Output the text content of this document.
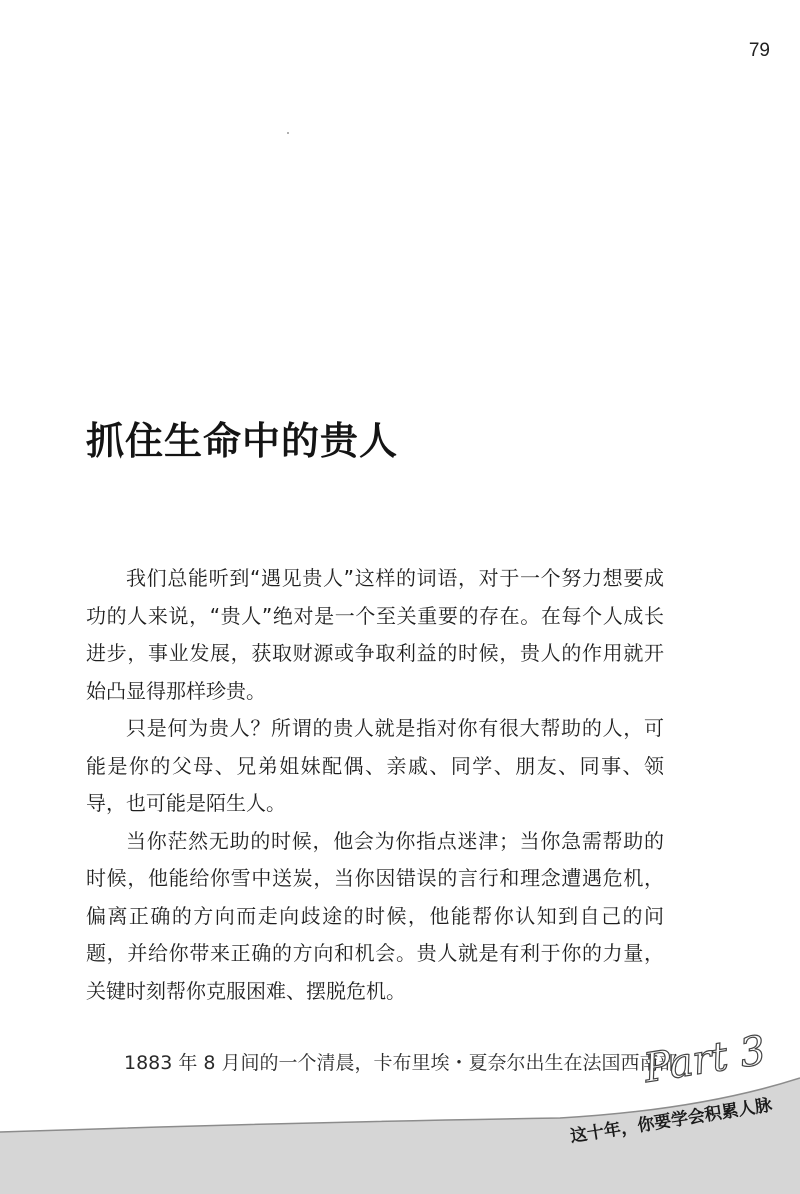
79
抓住生命中的贵人

我们总能听到“遇见贵人”这样的词语，对于一个努力想要成功的人来说，“贵人”绝对是一个至关重要的存在。在每个人成长进步，事业发展，获取财源或争取利益的时候，贵人的作用就开始凸显得那样珍贵。

只是何为贵人？所谓的贵人就是指对你有很大帮助的人，可能是你的父母、兄弟姐妹配偶、亲戚、同学、朋友、同事、领导，也可能是陌生人。

当你茫然无助的时候，他会为你指点迷津；当你急需帮助的时候，他能给你雪中送炭，当你因错误的言行和理念遭遇危机，偏离正确的方向而走向歧途的时候，他能帮你认知到自己的问题，并给你带来正确的方向和机会。贵人就是有利于你的力量，关键时刻帮你克服困难、摆脱危机。

1883 年 8 月间的一个清晨，卡布里埃・夏奈尔出生在法国西南部

Part 3
这十年，你要学会积累人脉
